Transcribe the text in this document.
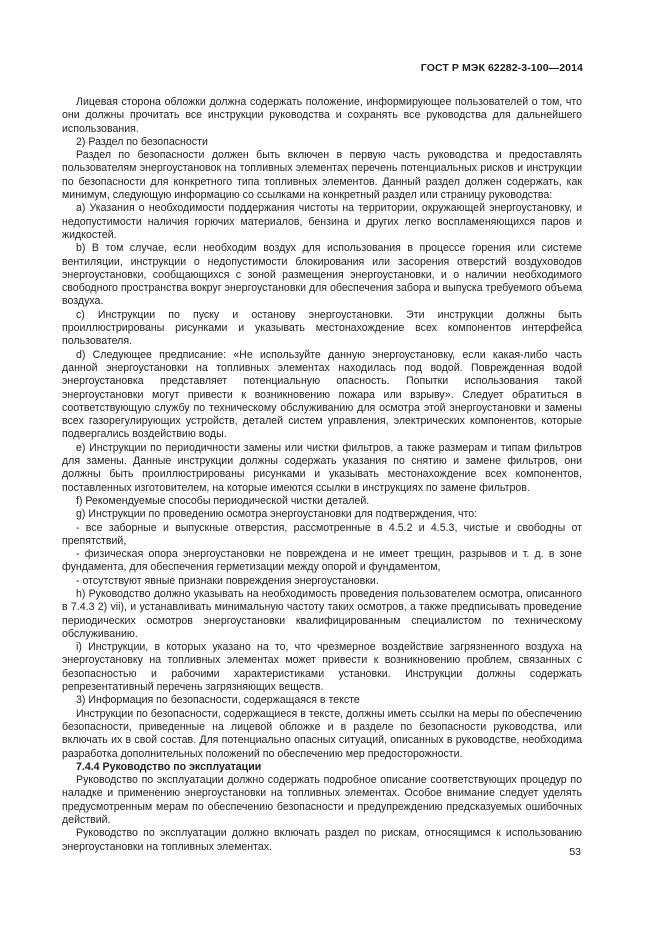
ГОСТ Р МЭК 62282-3-100—2014

Лицевая сторона обложки должна содержать положение, информирующее пользователей о том, что они должны прочитать все инструкции руководства и сохранять все руководства для дальнейшего использования.

2) Раздел по безопасности

Раздел по безопасности должен быть включен в первую часть руководства и предоставлять пользователям энергоустановок на топливных элементах перечень потенциальных рисков и инструкции по безопасности для конкретного типа топливных элементов. Данный раздел должен содержать, как минимум, следующую информацию со ссылками на конкретный раздел или страницу руководства:

a) Указания о необходимости поддержания чистоты на территории, окружающей энергоустановку, и недопустимости наличия горючих материалов, бензина и других легко воспламеняющихся паров и жидкостей.

b) В том случае, если необходим воздух для использования в процессе горения или системе вентиляции, инструкции о недопустимости блокирования или засорения отверстий воздуховодов энергоустановки, сообщающихся с зоной размещения энергоустановки, и о наличии необходимого свободного пространства вокруг энергоустановки для обеспечения забора и выпуска требуемого объема воздуха.

c) Инструкции по пуску и останову энергоустановки. Эти инструкции должны быть проиллюстрированы рисунками и указывать местонахождение всех компонентов интерфейса пользователя.

d) Следующее предписание: «Не используйте данную энергоустановку, если какая-либо часть данной энергоустановки на топливных элементах находилась под водой. Поврежденная водой энергоустановка представляет потенциальную опасность. Попытки использования такой энергоустановки могут привести к возникновению пожара или взрыву». Следует обратиться в соответствующую службу по техническому обслуживанию для осмотра этой энергоустановки и замены всех газорегулирующих устройств, деталей систем управления, электрических компонентов, которые подвергались воздействию воды.

e) Инструкции по периодичности замены или чистки фильтров, а также размерам и типам фильтров для замены. Данные инструкции должны содержать указания по снятию и замене фильтров, они должны быть проиллюстрированы рисунками и указывать местонахождение всех компонентов, поставленных изготовителем, на которые имеются ссылки в инструкциях по замене фильтров.

f) Рекомендуемые способы периодической чистки деталей.

g) Инструкции по проведению осмотра энергоустановки для подтверждения, что:

- все заборные и выпускные отверстия, рассмотренные в 4.5.2 и 4.5.3, чистые и свободны от препятствий,

- физическая опора энергоустановки не повреждена и не имеет трещин, разрывов и т. д. в зоне фундамента, для обеспечения герметизации между опорой и фундаментом,

- отсутствуют явные признаки повреждения энергоустановки.

h) Руководство должно указывать на необходимость проведения пользователем осмотра, описанного в 7.4.3 2) vii), и устанавливать минимальную частоту таких осмотров, а также предписывать проведение периодических осмотров энергоустановки квалифицированным специалистом по техническому обслуживанию.

i) Инструкции, в которых указано на то, что чрезмерное воздействие загрязненного воздуха на энергоустановку на топливных элементах может привести к возникновению проблем, связанных с безопасностью и рабочими характеристиками установки. Инструкции должны содержать репрезентативный перечень загрязняющих веществ.

3) Информация по безопасности, содержащаяся в тексте

Инструкции по безопасности, содержащиеся в тексте, должны иметь ссылки на меры по обеспечению безопасности, приведенные на лицевой обложке и в разделе по безопасности руководства, или включать их в свой состав. Для потенциально опасных ситуаций, описанных в руководстве, необходима разработка дополнительных положений по обеспечению мер предосторожности.

7.4.4 Руководство по эксплуатации

Руководство по эксплуатации должно содержать подробное описание соответствующих процедур по наладке и применению энергоустановки на топливных элементах. Особое внимание следует уделять предусмотренным мерам по обеспечению безопасности и предупреждению предсказуемых ошибочных действий.

Руководство по эксплуатации должно включать раздел по рискам, относящимся к использованию энергоустановки на топливных элементах.	53
